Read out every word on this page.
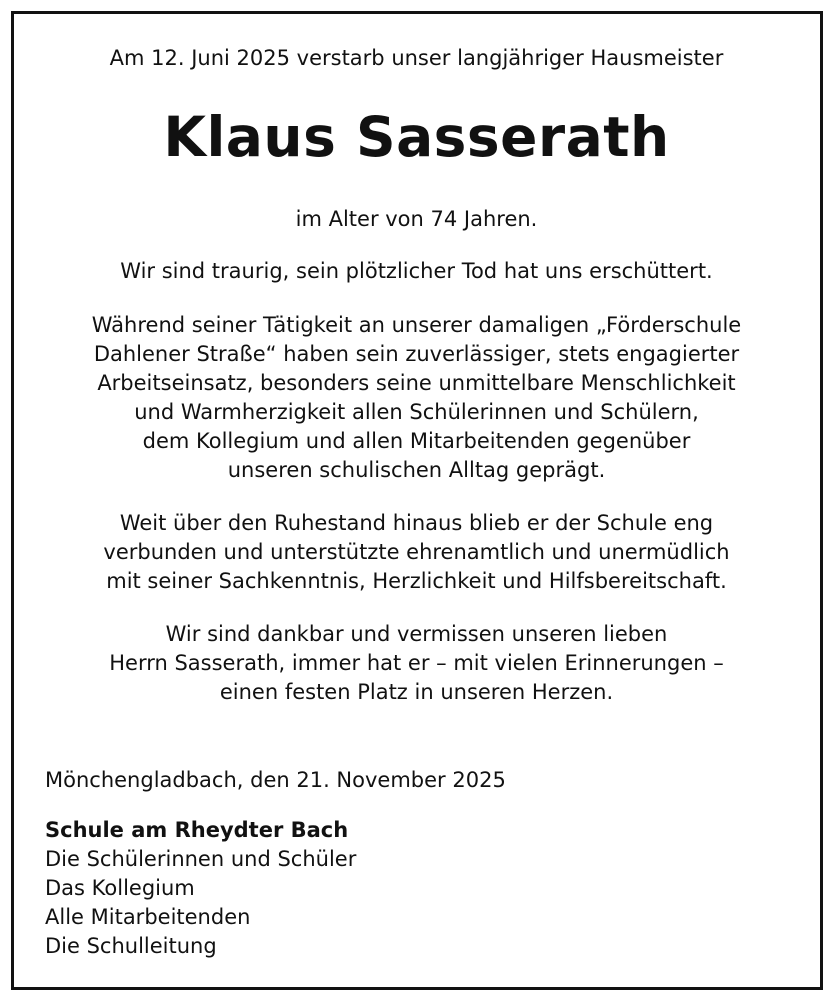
Am 12. Juni 2025 verstarb unser langjähriger Hausmeister
Klaus Sasserath
im Alter von 74 Jahren.
Wir sind traurig, sein plötzlicher Tod hat uns erschüttert.
Während seiner Tätigkeit an unserer damaligen „Förderschule
Dahlener Straße“ haben sein zuverlässiger, stets engagierter
Arbeitseinsatz, besonders seine unmittelbare Menschlichkeit
und Warmherzigkeit allen Schülerinnen und Schülern,
dem Kollegium und allen Mitarbeitenden gegenüber
unseren schulischen Alltag geprägt.
Weit über den Ruhestand hinaus blieb er der Schule eng
verbunden und unterstützte ehrenamtlich und unermüdlich
mit seiner Sachkenntnis, Herzlichkeit und Hilfsbereitschaft.
Wir sind dankbar und vermissen unseren lieben
Herrn Sasserath, immer hat er – mit vielen Erinnerungen –
einen festen Platz in unseren Herzen.
Mönchengladbach, den 21. November 2025
Schule am Rheydter Bach
Die Schülerinnen und Schüler
Das Kollegium
Alle Mitarbeitenden
Die Schulleitung
